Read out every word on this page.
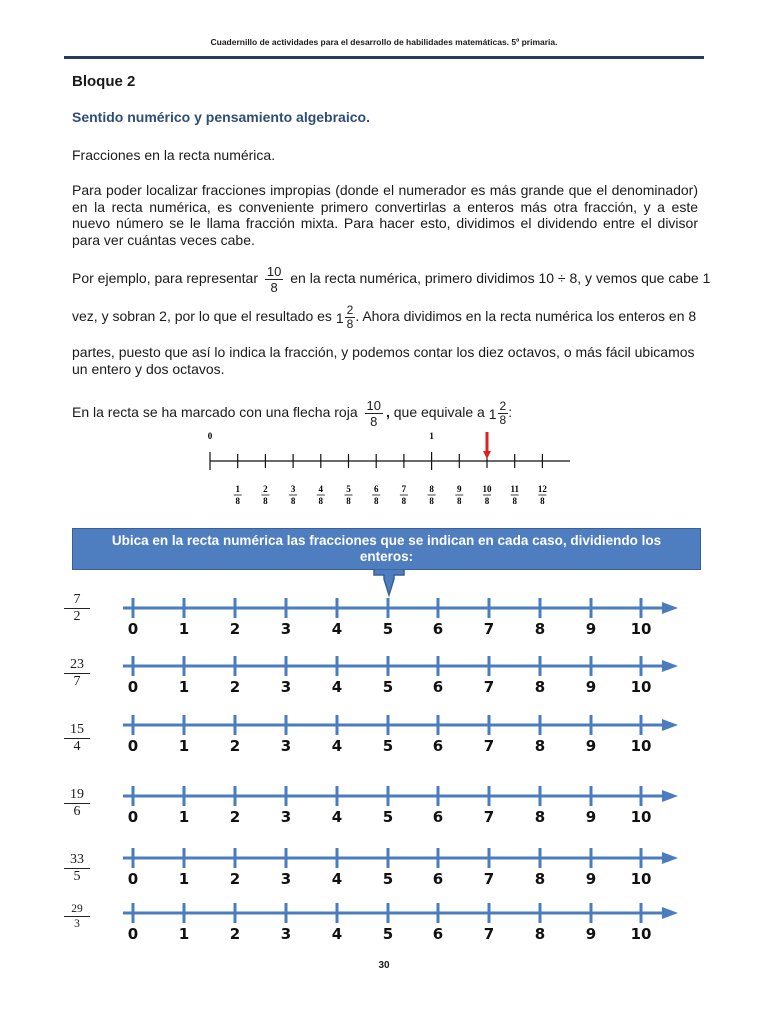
Cuadernillo de actividades para el desarrollo de habilidades matemáticas. 5º primaria.
Bloque 2
Sentido numérico y pensamiento algebraico.
Fracciones en la recta numérica.
Para poder localizar fracciones impropias (donde el numerador es más grande que el denominador) en la recta numérica, es conveniente primero convertirlas a enteros más otra fracción, y a este nuevo número se le llama fracción mixta. Para hacer esto, dividimos el dividendo entre el divisor para ver cuántas veces cabe.
Por ejemplo, para representar $\frac{10}{8}$ en la recta numérica, primero dividimos 10 ÷ 8, y vemos que cabe 1
vez, y sobran 2, por lo que el resultado es $1 \frac{2}{8}$ . Ahora dividimos en la recta numérica los enteros en 8
partes, puesto que así lo indica la fracción, y podemos contar los diez octavos, o más fácil ubicamos
un entero y dos octavos.
En la recta se ha marcado con una flecha roja $\frac{10}{8}$ , que equivale a $1 \frac{2}{8}$ :
1
8
2
8
3
8
4
8
5
8
6
8
7
8
8
8
9
8
10
8
11
8
12
8
0	1
Ubica en la recta numérica las fracciones que se indican en cada caso, dividiendo los enteros:
$\frac{7}{2}$
$\frac{23}{7}$
$\frac{15}{4}$
$\frac{19}{6}$
$\frac{33}{5}$
$\frac{29}{3}$
0	1	2	3	4	5	6	7	8	9 10
0	1	2	3	4	5	6	7	8	9 10
0	1	2	3	4	5	6	7	8	9 10
0	1	2	3	4	5	6	7	8	9 10
0	1	2	3	4	5	6	7	8	9 10
0	1	2	3	4	5	6	7	8	9 10
30
